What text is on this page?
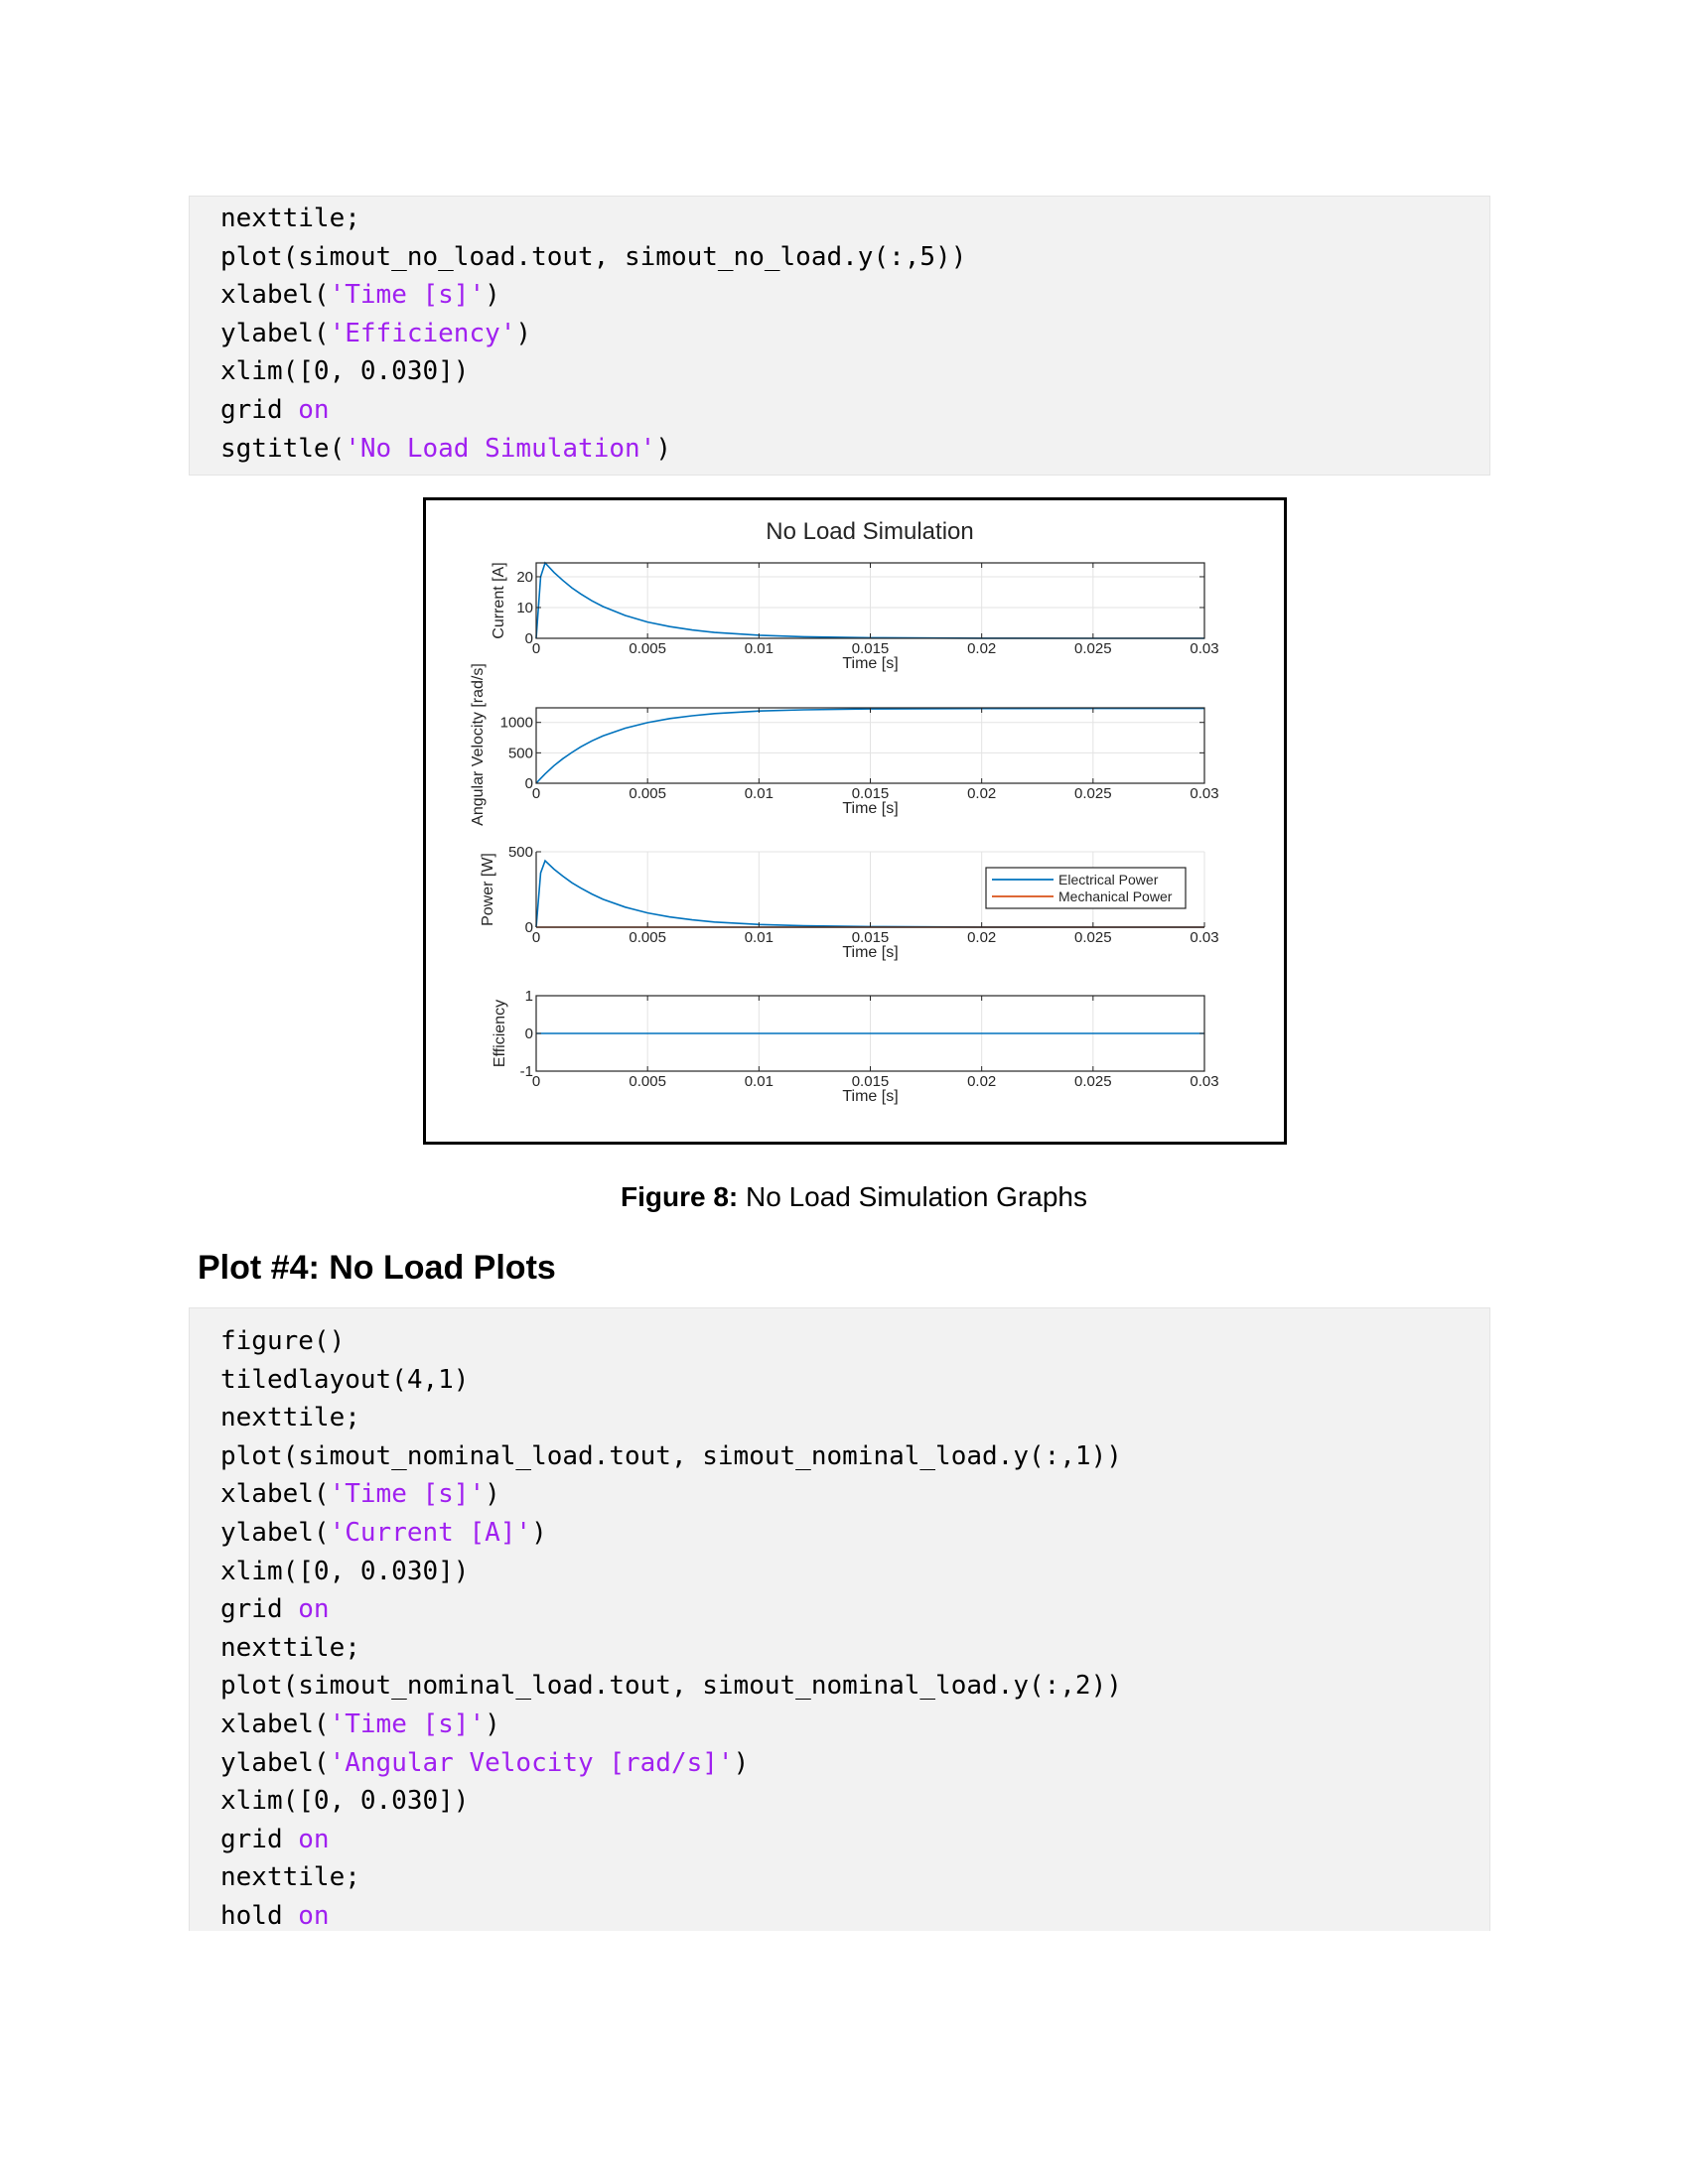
nexttile;
plot(simout_no_load.tout, simout_no_load.y(:,5))
xlabel('Time [s]')
ylabel('Efficiency')
xlim([0, 0.030])
grid on
sgtitle('No Load Simulation')
No Load Simulation
0	0.005	0.01	0.015	0.02	0.025	0.03
0
10
20
Time [s]
Current [A]
0	0.005	0.01	0.015	0.02	0.025	0.03
0
500
1000
Time [s]
Angular Velocity [rad/s]
0	0.005	0.01	0.015	0.02	0.025	0.03
0
500
Time [s]
Power [W]	Electrical Power
Mechanical Power
0	0.005	0.01	0.015	0.02	0.025	0.03
-1
0
1
Time [s]
Efficiency
Figure 8: No Load Simulation Graphs
Plot #4: No Load Plots
figure()
tiledlayout(4,1)
nexttile;
plot(simout_nominal_load.tout, simout_nominal_load.y(:,1))
xlabel('Time [s]')
ylabel('Current [A]')
xlim([0, 0.030])
grid on
nexttile;
plot(simout_nominal_load.tout, simout_nominal_load.y(:,2))
xlabel('Time [s]')
ylabel('Angular Velocity [rad/s]')
xlim([0, 0.030])
grid on
nexttile;
hold on
